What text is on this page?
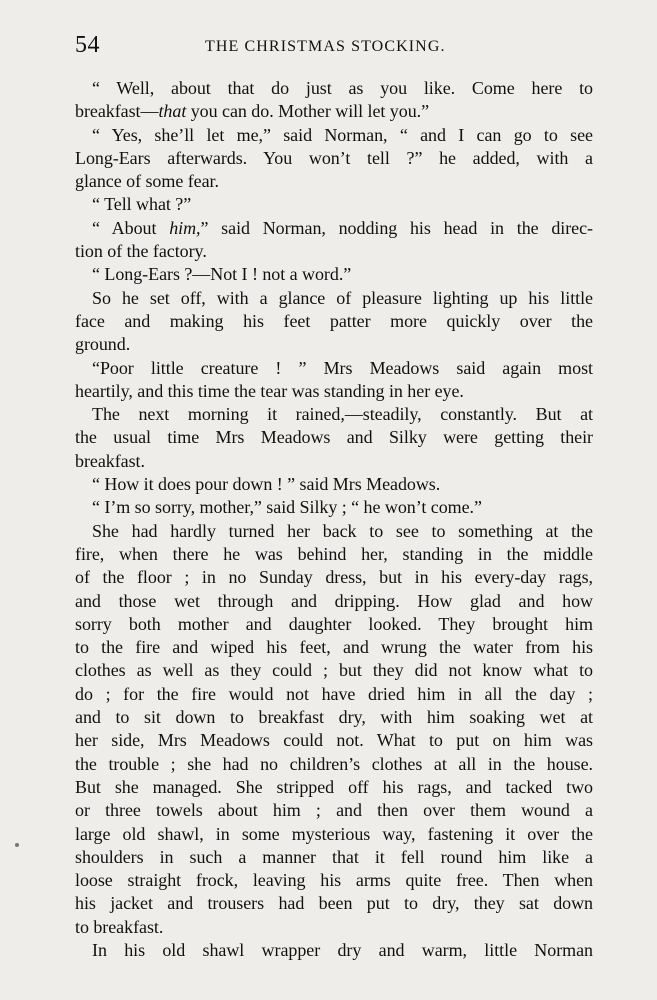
54	THE CHRISTMAS STOCKING.
“ Well, about that do just as you like. Come here to
breakfast—that you can do. Mother will let you.”
“ Yes, she’ll let me,” said Norman, “ and I can go to see
Long-Ears afterwards. You won’t tell ?” he added, with a
glance of some fear.
“ Tell what ?”
“ About him,” said Norman, nodding his head in the direc-
tion of the factory.
“ Long-Ears ?—Not I ! not a word.”
So he set off, with a glance of pleasure lighting up his little
face and making his feet patter more quickly over the
ground.
“Poor little creature ! ” Mrs Meadows said again most
heartily, and this time the tear was standing in her eye.
The next morning it rained,—steadily, constantly. But at
the usual time Mrs Meadows and Silky were getting their
breakfast.
“ How it does pour down ! ” said Mrs Meadows.
“ I’m so sorry, mother,” said Silky ; “ he won’t come.”
She had hardly turned her back to see to something at the
fire, when there he was behind her, standing in the middle
of the floor ; in no Sunday dress, but in his every-day rags,
and those wet through and dripping. How glad and how
sorry both mother and daughter looked. They brought him
to the fire and wiped his feet, and wrung the water from his
clothes as well as they could ; but they did not know what to
do ; for the fire would not have dried him in all the day ;
and to sit down to breakfast dry, with him soaking wet at
her side, Mrs Meadows could not. What to put on him was
the trouble ; she had no children’s clothes at all in the house.
But she managed. She stripped off his rags, and tacked two
or three towels about him ; and then over them wound a
large old shawl, in some mysterious way, fastening it over the
shoulders in such a manner that it fell round him like a
loose straight frock, leaving his arms quite free. Then when
his jacket and trousers had been put to dry, they sat down
to breakfast.
In his old shawl wrapper dry and warm, little Norman
